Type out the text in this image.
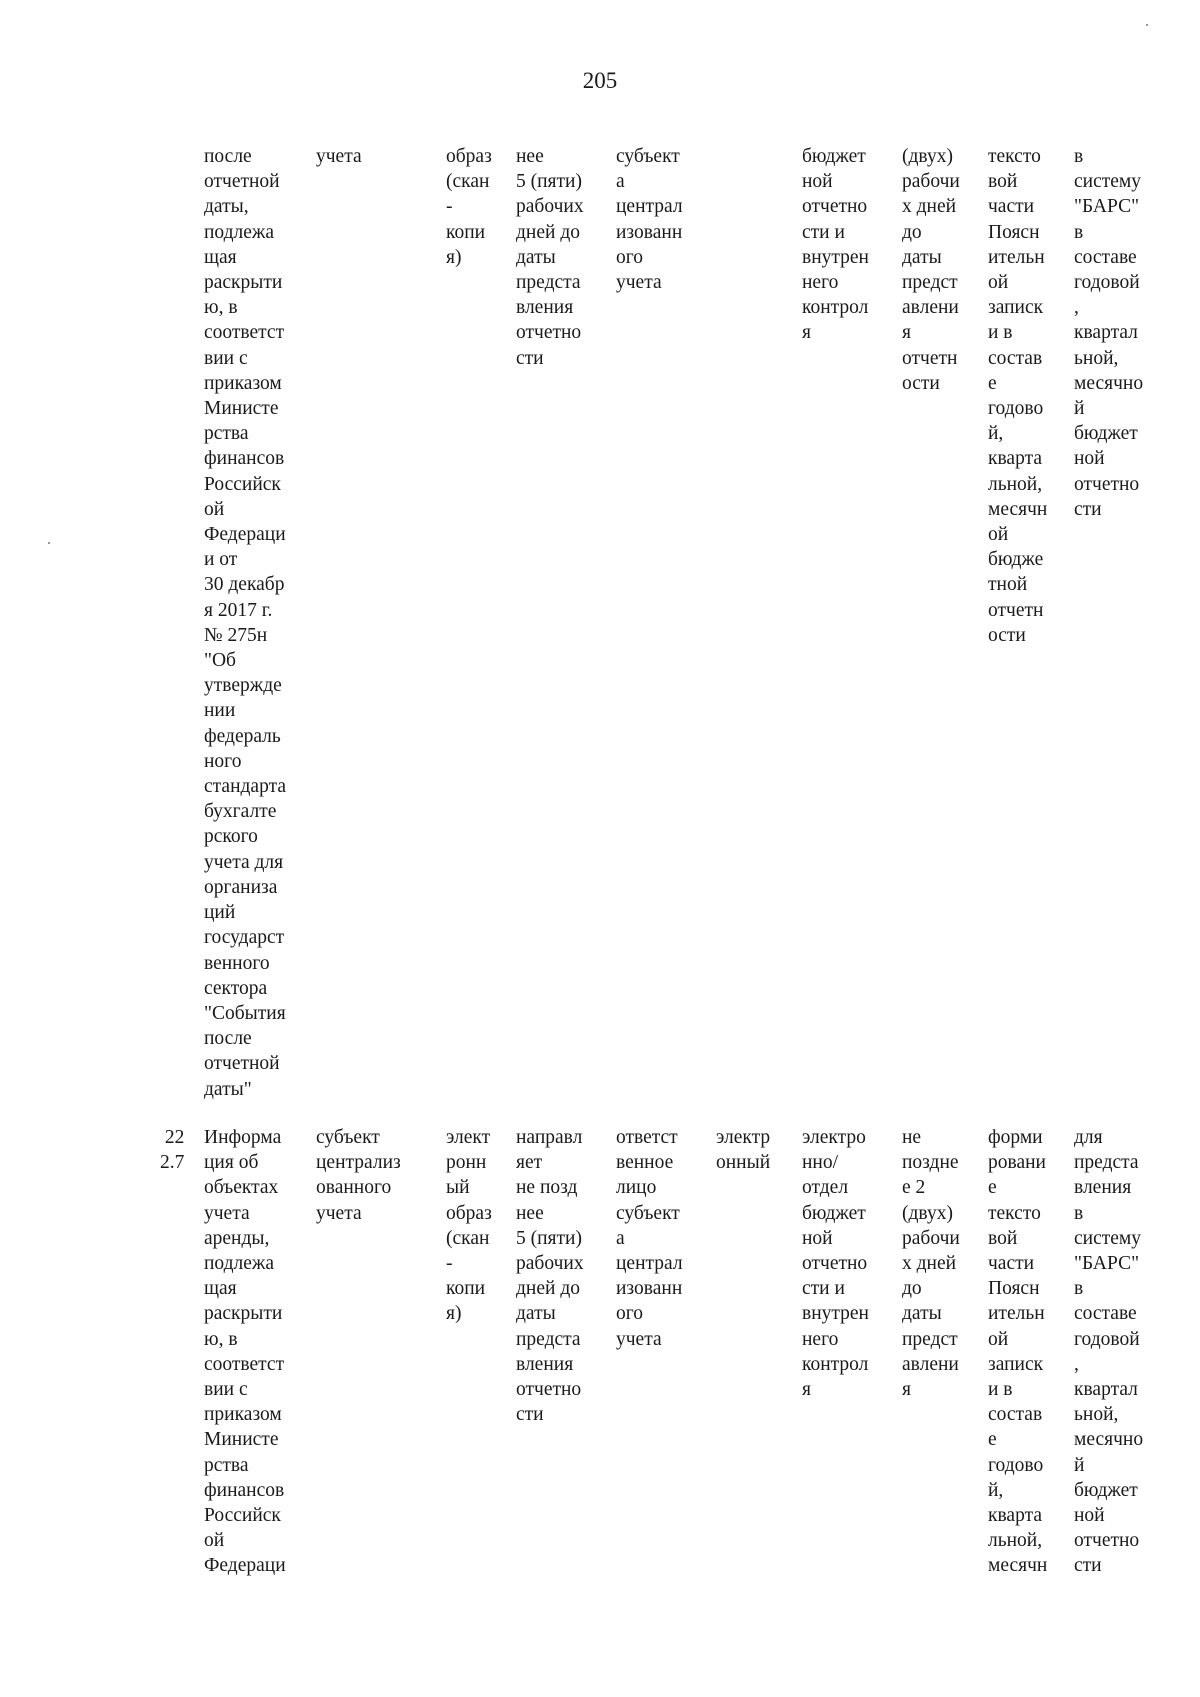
205
после
отчетной
даты,
подлежа
щая
раскрыти
ю, в
соответст
вии с
приказом
Министе
рства
финансов
Российск
ой
Федераци
и от
30 декабр
я 2017 г.
№ 275н
"Об
утвержде
нии
федераль
ного
стандарта
бухгалте
рского
учета для
организа
ций
государст
венного
сектора
"События
после
отчетной
даты"
учета	образ
(скан
-
копи
я)
нее
5 (пяти)
рабочих
дней до
даты
предста
вления
отчетно
сти
субъект
а
централ
изованн
ого
учета
бюджет
ной
отчетно
сти и
внутрен
него
контрол
я
(двух)
рабочи
х дней
до
даты
предст
авлени
я
отчетн
ости
тексто
вой
части
Поясн
ительн
ой
записк
и в
состав
е
годово
й,
кварта
льной,
месячн
ой
бюдже
тной
отчетн
ости
в
систему
"БАРС"
в
составе
годовой
,
квартал
ьной,
месячно
й
бюджет
ной
отчетно
сти
22
2.7
Информа
ция об
объектах
учета
аренды,
подлежа
щая
раскрыти
ю, в
соответст
вии с
приказом
Министе
рства
финансов
Российск
ой
Федераци
субъект
централиз
ованного
учета
элект
ронн
ый
образ
(скан
-
копи
я)
направл
яет
не позд
нее
5 (пяти)
рабочих
дней до
даты
предста
вления
отчетно
сти
ответст
венное
лицо
субъект
а
централ
изованн
ого
учета
электр
онный
электро
нно/
отдел
бюджет
ной
отчетно
сти и
внутрен
него
контрол
я
не
поздне
е 2
(двух)
рабочи
х дней
до
даты
предст
авлени
я
форми
ровани
е
тексто
вой
части
Поясн
ительн
ой
записк
и в
состав
е
годово
й,
кварта
льной,
месячн
для
предста
вления
в
систему
"БАРС"
в
составе
годовой
,
квартал
ьной,
месячно
й
бюджет
ной
отчетно
сти
